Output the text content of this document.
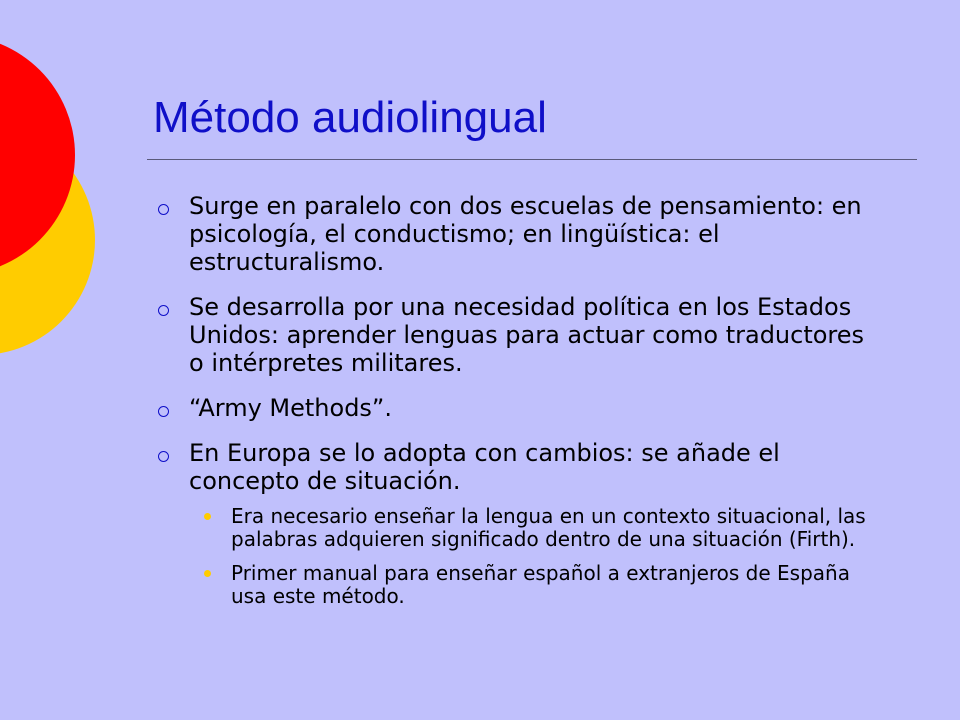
Método audiolingual
Surge en paralelo con dos escuelas de pensamiento: en psicología, el conductismo; en lingüística: el estructuralismo.
Se desarrolla por una necesidad política en los Estados Unidos: aprender lenguas para actuar como traductores o intérpretes militares.
“Army Methods”.
En Europa se lo adopta con cambios: se añade el concepto de situación.
Era necesario enseñar la lengua en un contexto situacional, las palabras adquieren significado dentro de una situación (Firth).
Primer manual para enseñar español a extranjeros de España usa este método.
